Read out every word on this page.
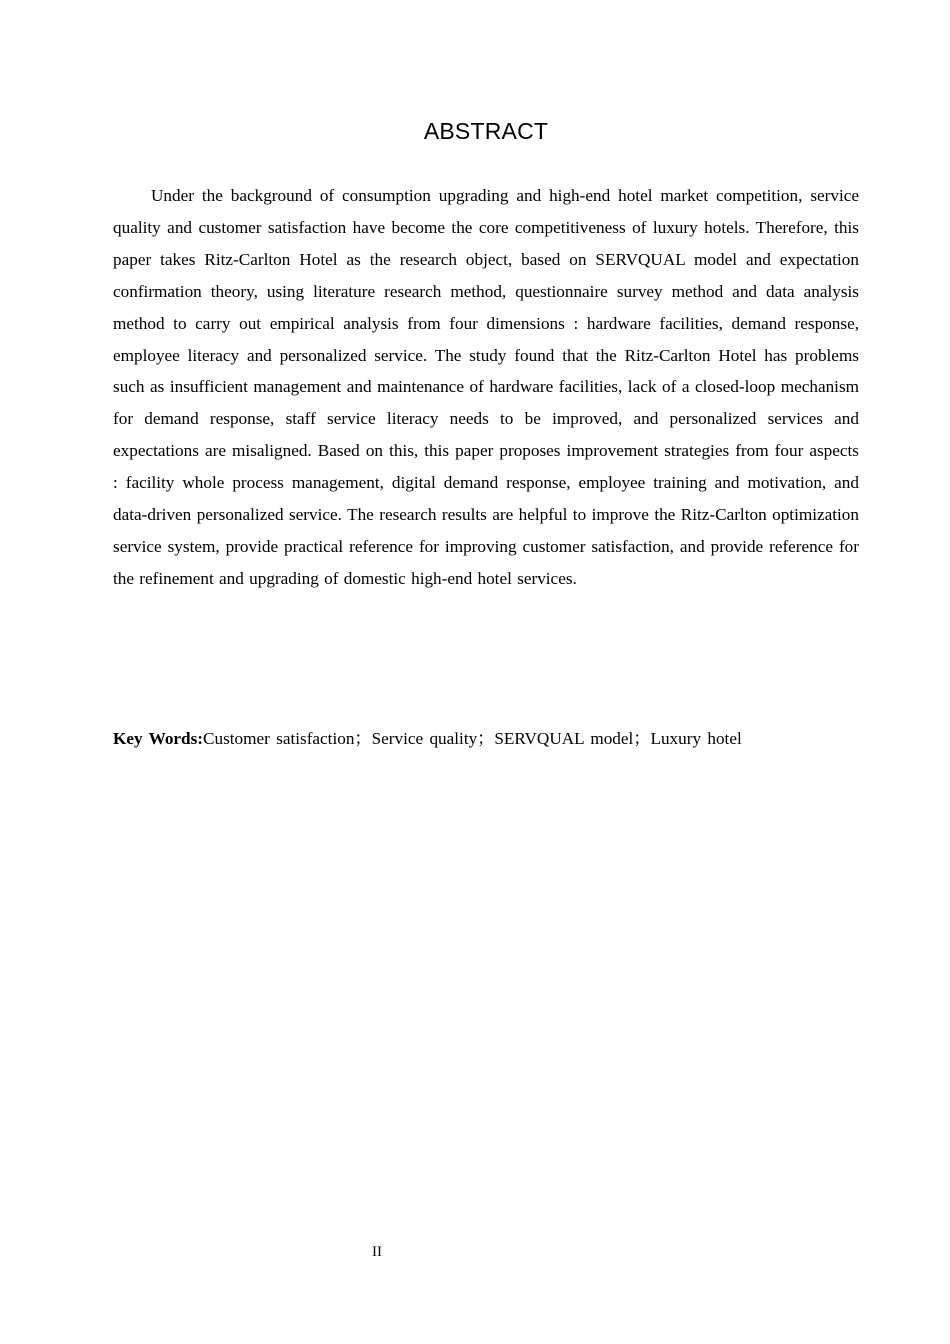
ABSTRACT

Under the background of consumption upgrading and high-end hotel market competition, service quality and customer satisfaction have become the core competitiveness of luxury hotels. Therefore, this paper takes Ritz-Carlton Hotel as the research object, based on SERVQUAL model and expectation confirmation theory, using literature research method, questionnaire survey method and data analysis method to carry out empirical analysis from four dimensions : hardware facilities, demand response, employee literacy and personalized service. The study found that the Ritz-Carlton Hotel has problems such as insufficient management and maintenance of hardware facilities, lack of a closed-loop mechanism for demand response, staff service literacy needs to be improved, and personalized services and expectations are misaligned. Based on this, this paper proposes improvement strategies from four aspects : facility whole process management, digital demand response, employee training and motivation, and data-driven personalized service. The research results are helpful to improve the Ritz-Carlton optimization service system, provide practical reference for improving customer satisfaction, and provide reference for the refinement and upgrading of domestic high-end hotel services.

Key Words:Customer satisfaction；Service quality；SERVQUAL model；Luxury hotel
II
